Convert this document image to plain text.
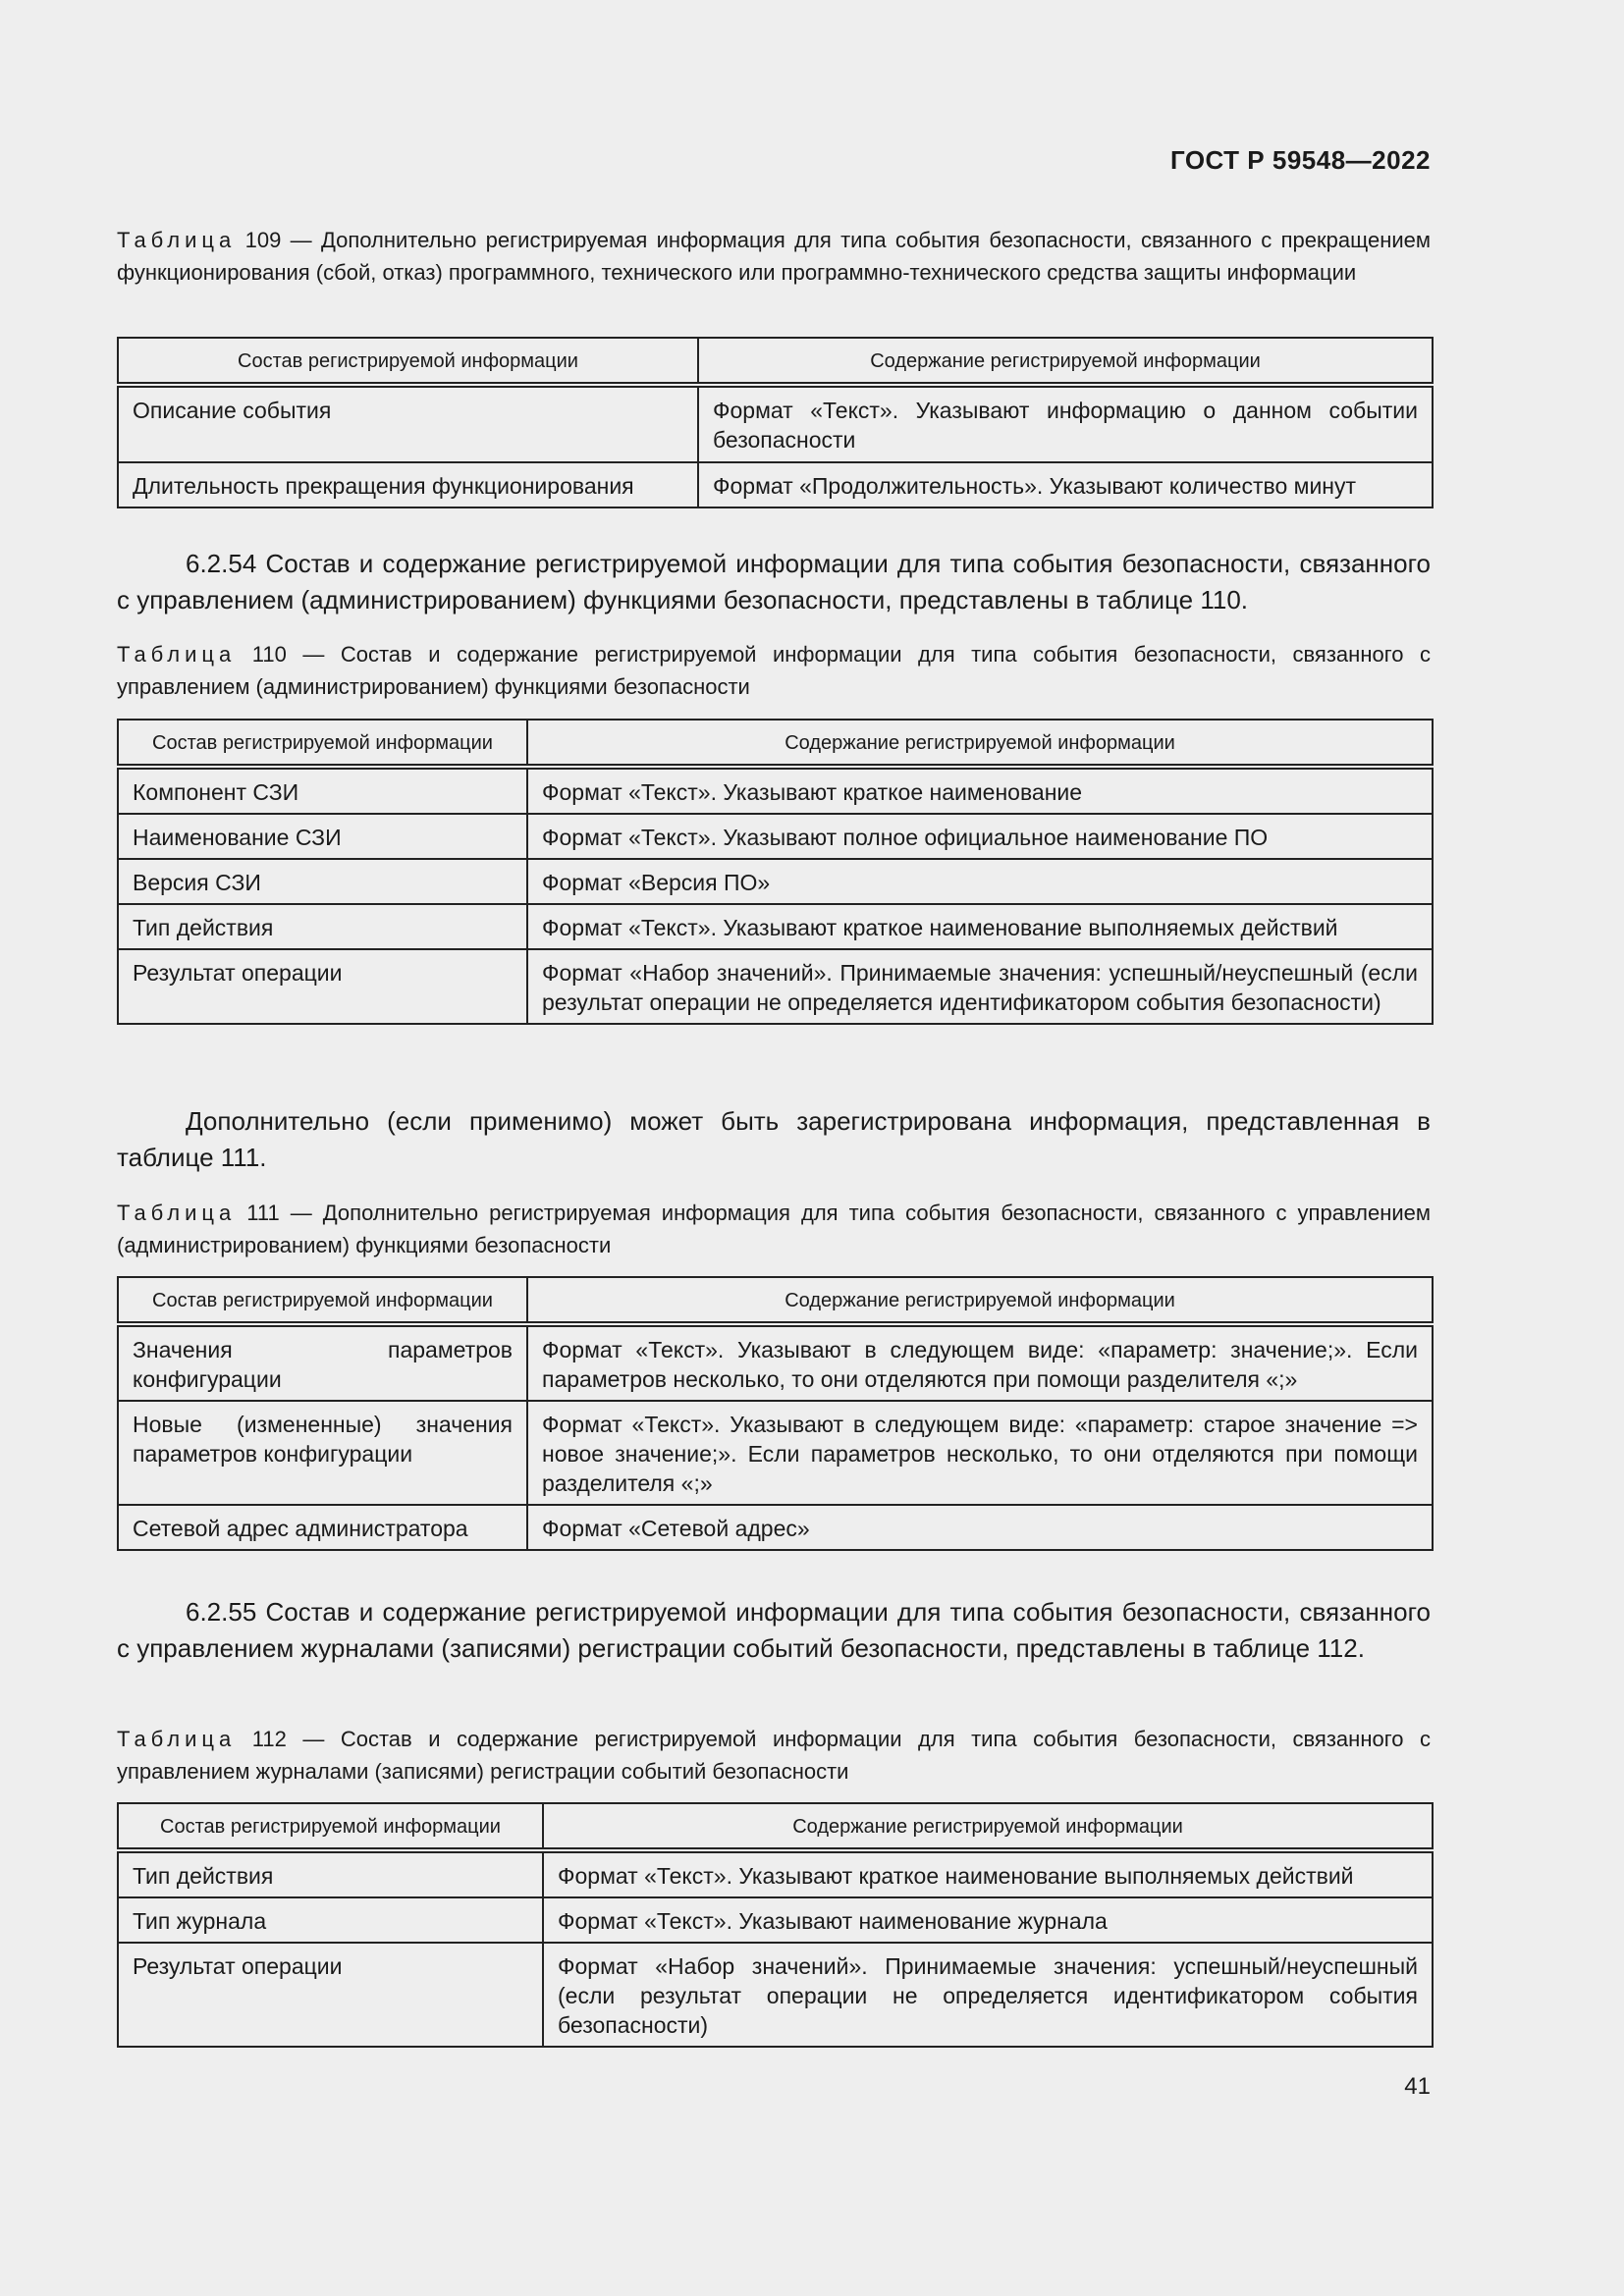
ГОСТ Р 59548—2022
Таблица 109 — Дополнительно регистрируемая информация для типа события безопасности, связанного с прекращением функционирования (сбой, отказ) программного, технического или программно-технического средства защиты информации
Состав регистрируемой информации	Содержание регистрируемой информации
Описание события	Формат «Текст». Указывают информацию о данном событии безопасности
Длительность прекращения функционирования	Формат «Продолжительность». Указывают количество минут
6.2.54 Состав и содержание регистрируемой информации для типа события безопасности, связанного с управлением (администрированием) функциями безопасности, представлены в таблице 110.
Таблица 110 — Состав и содержание регистрируемой информации для типа события безопасности, связанного с управлением (администрированием) функциями безопасности
Состав регистрируемой информации	Содержание регистрируемой информации
Компонент СЗИ	Формат «Текст». Указывают краткое наименование
Наименование СЗИ	Формат «Текст». Указывают полное официальное наименование ПО
Версия СЗИ	Формат «Версия ПО»
Тип действия	Формат «Текст». Указывают краткое наименование выполняемых действий
Результат операции	Формат «Набор значений». Принимаемые значения: успешный/неуспешный (если результат операции не определяется идентификатором события безопасности)
Дополнительно (если применимо) может быть зарегистрирована информация, представленная в таблице 111.
Таблица 111 — Дополнительно регистрируемая информация для типа события безопасности, связанного с управлением (администрированием) функциями безопасности
Состав регистрируемой информации	Содержание регистрируемой информации
Значения параметров конфигурации	Формат «Текст». Указывают в следующем виде: «параметр: значение;». Если параметров несколько, то они отделяются при помощи разделителя «;»
Новые (измененные) значения параметров конфигурации	Формат «Текст». Указывают в следующем виде: «параметр: старое значение => новое значение;». Если параметров несколько, то они отделяются при помощи разделителя «;»
Сетевой адрес администратора	Формат «Сетевой адрес»
6.2.55 Состав и содержание регистрируемой информации для типа события безопасности, связанного с управлением журналами (записями) регистрации событий безопасности, представлены в таблице 112.
Таблица 112 — Состав и содержание регистрируемой информации для типа события безопасности, связанного с управлением журналами (записями) регистрации событий безопасности
Состав регистрируемой информации	Содержание регистрируемой информации
Тип действия	Формат «Текст». Указывают краткое наименование выполняемых действий
Тип журнала	Формат «Текст». Указывают наименование журнала
Результат операции	Формат «Набор значений». Принимаемые значения: успешный/неуспешный (если результат операции не определяется идентификатором события безопасности)
41
